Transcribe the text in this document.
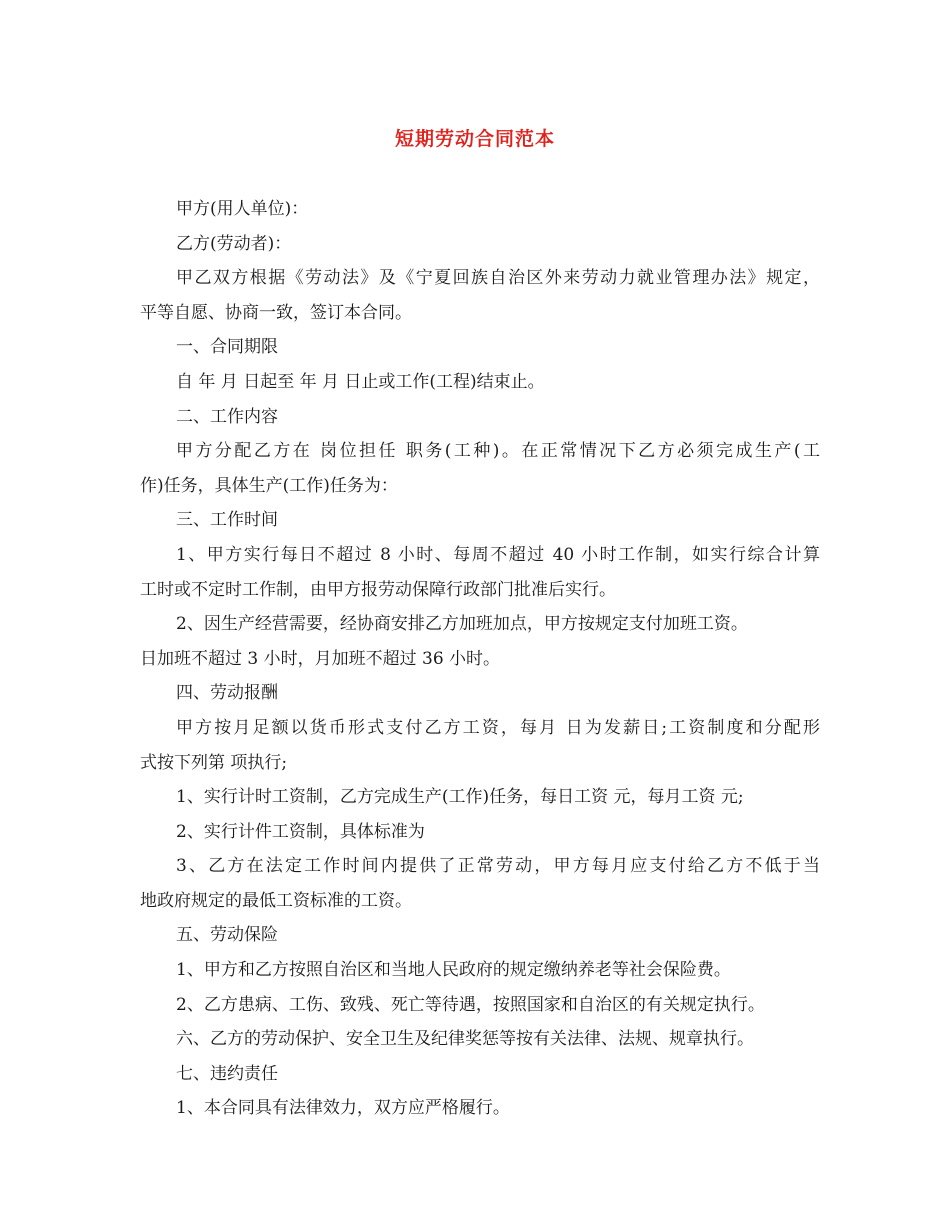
短期劳动合同范本
甲方(用人单位)：
乙方(劳动者)：
甲乙双方根据《劳动法》及《宁夏回族自治区外来劳动力就业管理办法》规定，
平等自愿、协商一致，签订本合同。
一、合同期限
自 年 月 日起至 年 月 日止或工作(工程)结束止。
二、工作内容
甲方分配乙方在 岗位担任 职务(工种)。在正常情况下乙方必须完成生产(工
作)任务，具体生产(工作)任务为：
三、工作时间
1、甲方实行每日不超过 8 小时、每周不超过 40 小时工作制，如实行综合计算
工时或不定时工作制，由甲方报劳动保障行政部门批准后实行。
2、因生产经营需要，经协商安排乙方加班加点，甲方按规定支付加班工资。
日加班不超过 3 小时，月加班不超过 36 小时。
四、劳动报酬
甲方按月足额以货币形式支付乙方工资，每月 日为发薪日;工资制度和分配形
式按下列第 项执行;
1、实行计时工资制，乙方完成生产(工作)任务，每日工资 元，每月工资 元;
2、实行计件工资制，具体标准为
3、乙方在法定工作时间内提供了正常劳动，甲方每月应支付给乙方不低于当
地政府规定的最低工资标准的工资。
五、劳动保险
1、甲方和乙方按照自治区和当地人民政府的规定缴纳养老等社会保险费。
2、乙方患病、工伤、致残、死亡等待遇，按照国家和自治区的有关规定执行。
六、乙方的劳动保护、安全卫生及纪律奖惩等按有关法律、法规、规章执行。
七、违约责任
1、本合同具有法律效力，双方应严格履行。
